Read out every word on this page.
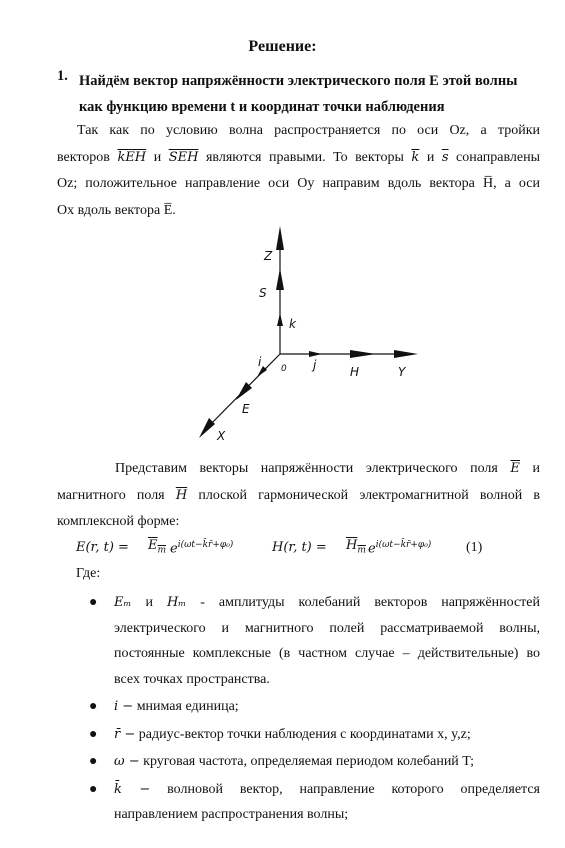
Решение:
1. Найдём вектор напряжённости электрического поля E этой волны
как функцию времени t и координат точки наблюдения
Так как по условию волна распространяется по оси Oz, а тройки
векторов $\overline{kEH}$ и $\overline{SEH}$ являются правыми. То векторы $\overline{k}$ и $\overline{s}$ сонаправлены
Oz; положительное направление оси Oy направим вдоль вектора H̅, а оси
Ox вдоль вектора E̅.
Z
S
k
0
i	j	H	Y
E
X
Представим векторы напряжённости электрического поля $\overline{E}$ и
магнитного поля $\overline{H}$ плоской гармонической электромагнитной волной в
комплексной форме:
E(r, $t) = E_m$ $e^{i(\omega t-k̄r̄+\varphi_0)}$	H(r, $t) = H_m$ $e^{i(\omega t-k̄r̄+\varphi_0)}$ (1)
Где:
● Eₘ и Hₘ - амплитуды колебаний векторов напряжённостей
электрического и магнитного полей рассматриваемой волны,
постоянные комплексные (в частном случае – действительные) во
всех точках пространства.
● i − мнимая единица;
● r̄ − радиус-вектор точки наблюдения с координатами x, y,z;
● ω − круговая частота, определяемая периодом колебаний T;
● k̄ − волновой вектор, направление которого определяется
направлением распространения волны;
